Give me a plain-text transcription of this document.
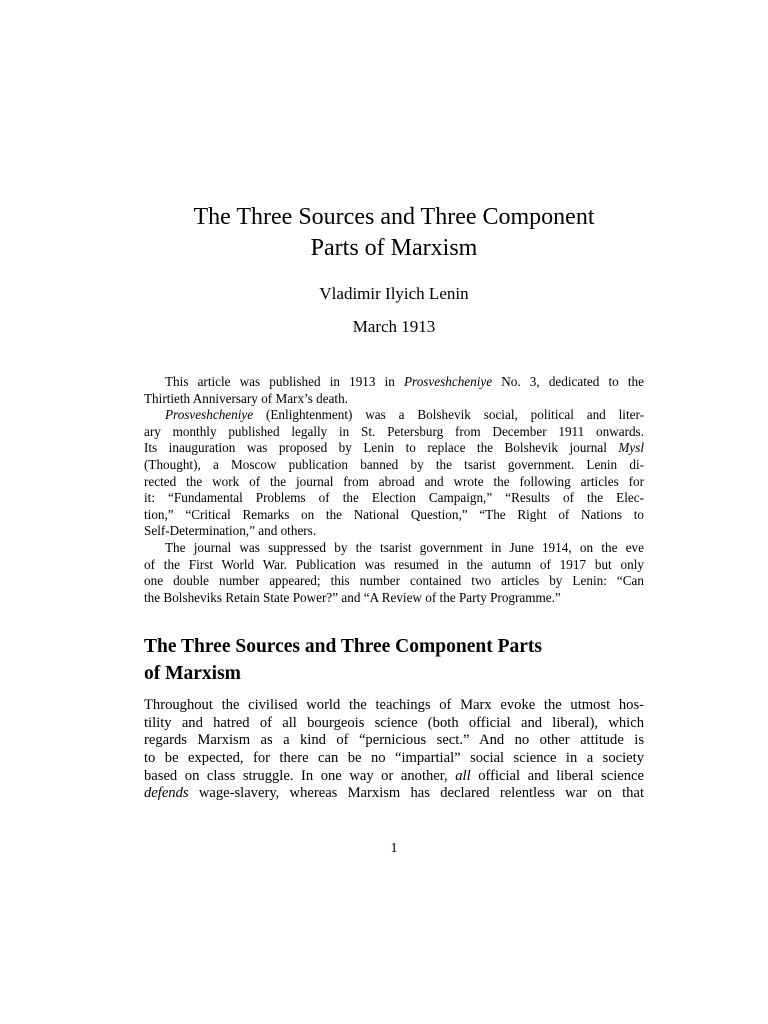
The Three Sources and Three Component
Parts of Marxism
Vladimir Ilyich Lenin
March 1913
This article was published in 1913 in Prosveshcheniye No. 3, dedicated to the
Thirtieth Anniversary of Marx’s death.
Prosveshcheniye (Enlightenment) was a Bolshevik social, political and liter-
ary monthly published legally in St. Petersburg from December 1911 onwards.
Its inauguration was proposed by Lenin to replace the Bolshevik journal Mysl
(Thought), a Moscow publication banned by the tsarist government. Lenin di-
rected the work of the journal from abroad and wrote the following articles for
it: “Fundamental Problems of the Election Campaign,” “Results of the Elec-
tion,” “Critical Remarks on the National Question,” “The Right of Nations to
Self-Determination,” and others.
The journal was suppressed by the tsarist government in June 1914, on the eve
of the First World War. Publication was resumed in the autumn of 1917 but only
one double number appeared; this number contained two articles by Lenin: “Can
the Bolsheviks Retain State Power?” and “A Review of the Party Programme.”
The Three Sources and Three Component Parts
of Marxism
Throughout the civilised world the teachings of Marx evoke the utmost hos-
tility and hatred of all bourgeois science (both official and liberal), which
regards Marxism as a kind of “pernicious sect.” And no other attitude is
to be expected, for there can be no “impartial” social science in a society
based on class struggle. In one way or another, all official and liberal science
defends wage-slavery, whereas Marxism has declared relentless war on that
1
